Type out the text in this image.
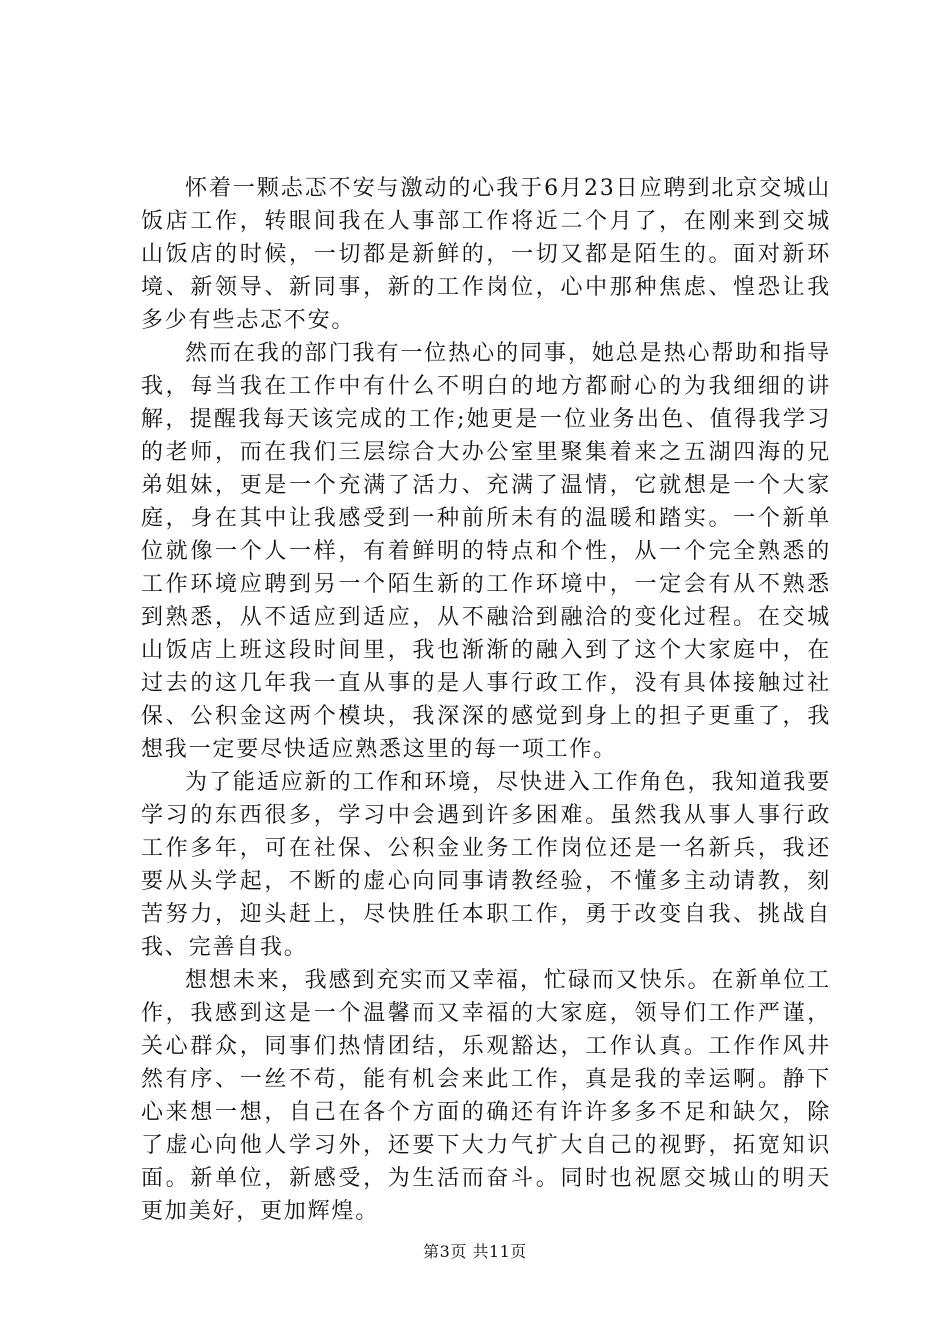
怀着一颗忐忑不安与激动的心我于6月23日应聘到北京交城山饭店工作，转眼间我在人事部工作将近二个月了，在刚来到交城山饭店的时候，一切都是新鲜的，一切又都是陌生的。面对新环境、新领导、新同事，新的工作岗位，心中那种焦虑、惶恐让我多少有些忐忑不安。

然而在我的部门我有一位热心的同事，她总是热心帮助和指导我，每当我在工作中有什么不明白的地方都耐心的为我细细的讲解，提醒我每天该完成的工作;她更是一位业务出色、值得我学习的老师，而在我们三层综合大办公室里聚集着来之五湖四海的兄弟姐妹，更是一个充满了活力、充满了温情，它就想是一个大家庭，身在其中让我感受到一种前所未有的温暖和踏实。一个新单位就像一个人一样，有着鲜明的特点和个性，从一个完全熟悉的工作环境应聘到另一个陌生新的工作环境中，一定会有从不熟悉到熟悉，从不适应到适应，从不融洽到融洽的变化过程。在交城山饭店上班这段时间里，我也渐渐的融入到了这个大家庭中，在过去的这几年我一直从事的是人事行政工作，没有具体接触过社保、公积金这两个模块，我深深的感觉到身上的担子更重了，我想我一定要尽快适应熟悉这里的每一项工作。

为了能适应新的工作和环境，尽快进入工作角色，我知道我要学习的东西很多，学习中会遇到许多困难。虽然我从事人事行政工作多年，可在社保、公积金业务工作岗位还是一名新兵，我还要从头学起，不断的虚心向同事请教经验，不懂多主动请教，刻苦努力，迎头赶上，尽快胜任本职工作，勇于改变自我、挑战自我、完善自我。

想想未来，我感到充实而又幸福，忙碌而又快乐。在新单位工作，我感到这是一个温馨而又幸福的大家庭，领导们工作严谨，关心群众，同事们热情团结，乐观豁达，工作认真。工作作风井然有序、一丝不苟，能有机会来此工作，真是我的幸运啊。静下心来想一想，自己在各个方面的确还有许许多多不足和缺欠，除了虚心向他人学习外，还要下大力气扩大自己的视野，拓宽知识面。新单位，新感受，为生活而奋斗。同时也祝愿交城山的明天更加美好，更加辉煌。

第3页 共11页
